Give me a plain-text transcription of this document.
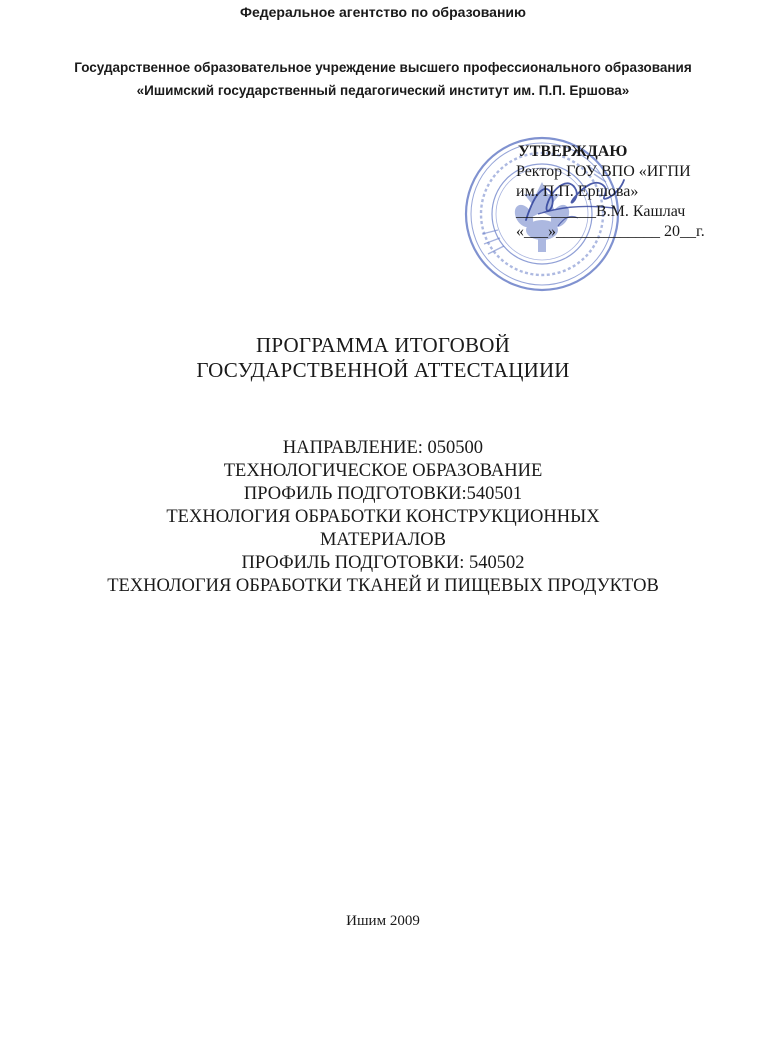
Федеральное агентство по образованию
Государственное образовательное учреждение высшего профессионального образования
«Ишимский государственный педагогический институт им. П.П. Ершова»
УТВЕРЖДАЮ
Ректор ГОУ ВПО «ИГПИ
им. П.П. Ершова»
__________В.М. Кашлач
«___»_____________ 20__г.
ПРОГРАММА ИТОГОВОЙ
ГОСУДАРСТВЕННОЙ АТТЕСТАЦИИИ
НАПРАВЛЕНИЕ: 050500
ТЕХНОЛОГИЧЕСКОЕ ОБРАЗОВАНИЕ
ПРОФИЛЬ ПОДГОТОВКИ:540501
ТЕХНОЛОГИЯ ОБРАБОТКИ КОНСТРУКЦИОННЫХ
МАТЕРИАЛОВ
ПРОФИЛЬ ПОДГОТОВКИ: 540502
ТЕХНОЛОГИЯ ОБРАБОТКИ ТКАНЕЙ И ПИЩЕВЫХ ПРОДУКТОВ
Ишим 2009
